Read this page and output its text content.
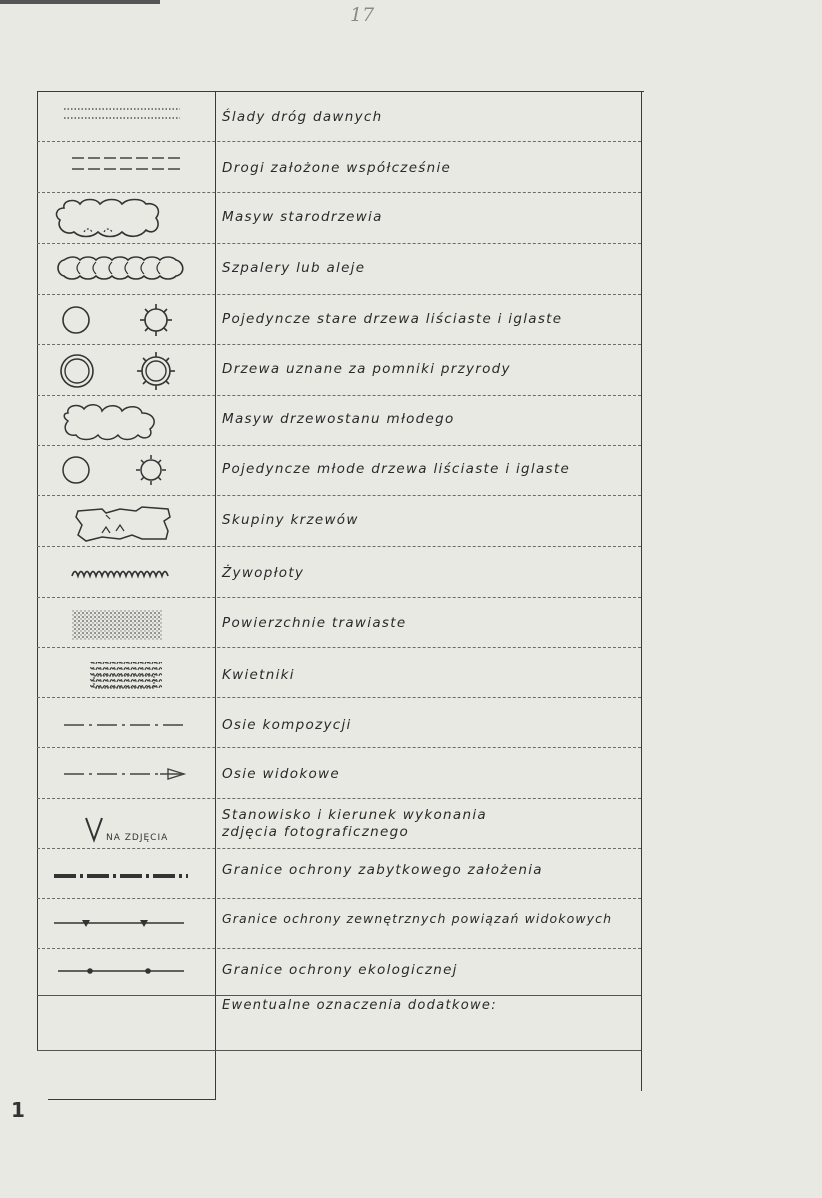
17
NA ZDJĘCIA
Ślady dróg dawnych
Drogi założone współcześnie
Masyw starodrzewia
Szpalery lub aleje
Pojedyncze stare drzewa liściaste i iglaste
Drzewa uznane za pomniki przyrody
Masyw drzewostanu młodego
Pojedyncze młode drzewa liściaste i iglaste
Skupiny krzewów
Żywopłoty
Powierzchnie trawiaste
Kwietniki
Osie kompozycji
Osie widokowe
Stanowisko i kierunek wykonania zdjęcia fotograficznego
Granice ochrony zabytkowego założenia
Granice ochrony zewnętrznych powiązań widokowych
Granice ochrony ekologicznej
Ewentualne oznaczenia dodatkowe:
1
